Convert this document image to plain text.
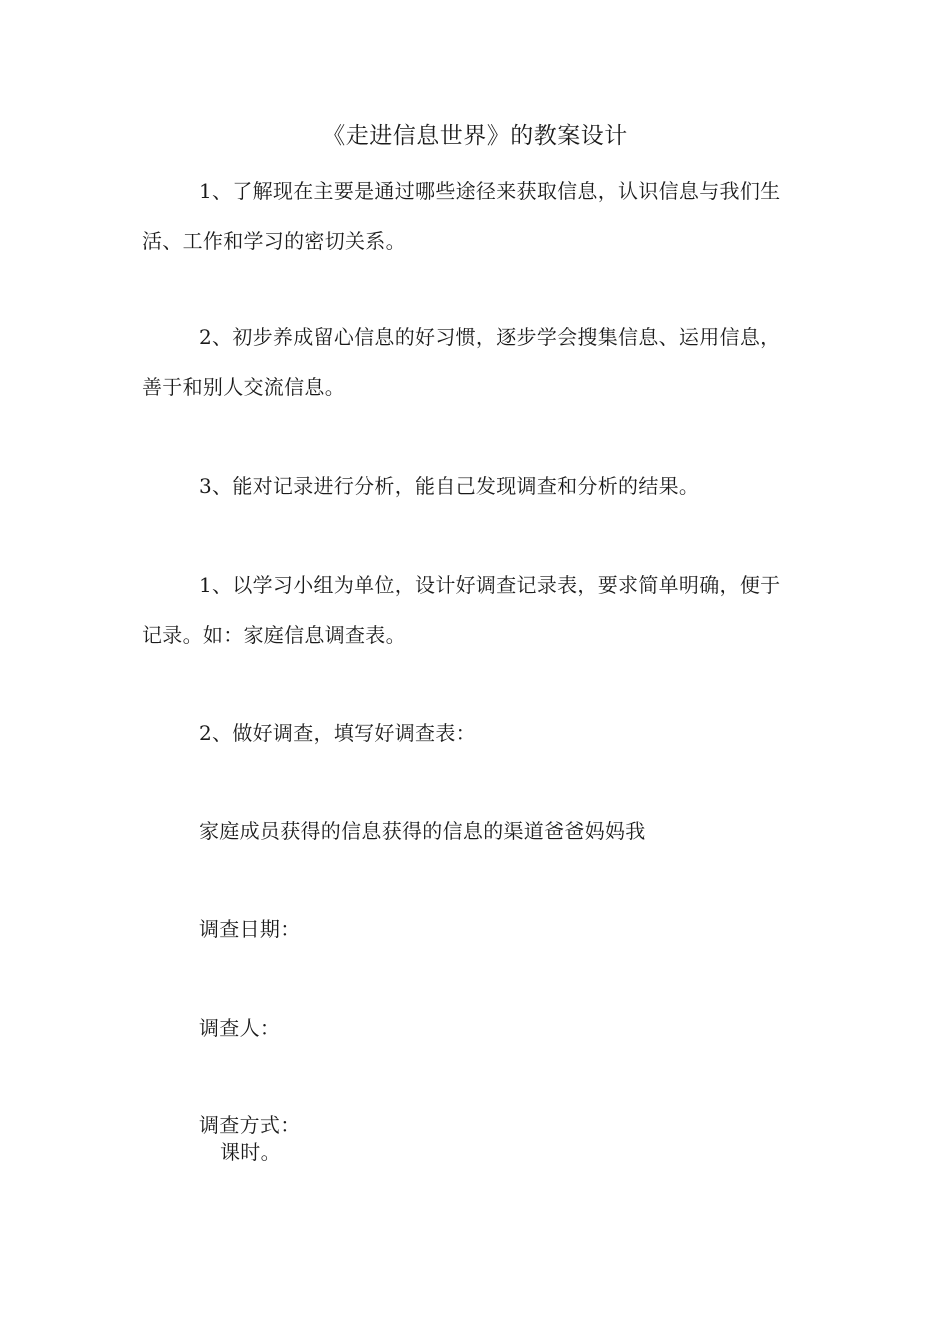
《走进信息世界》的教案设计
1、了解现在主要是通过哪些途径来获取信息，认识信息与我们生活、工作和学习的密切关系。
2、初步养成留心信息的好习惯，逐步学会搜集信息、运用信息，善于和别人交流信息。
3、能对记录进行分析，能自己发现调查和分析的结果。
1、以学习小组为单位，设计好调查记录表，要求简单明确，便于记录。如：家庭信息调查表。
2、做好调查，填写好调查表：
家庭成员获得的信息获得的信息的渠道爸爸妈妈我
调查日期：
调查人：
调查方式：
课时。
